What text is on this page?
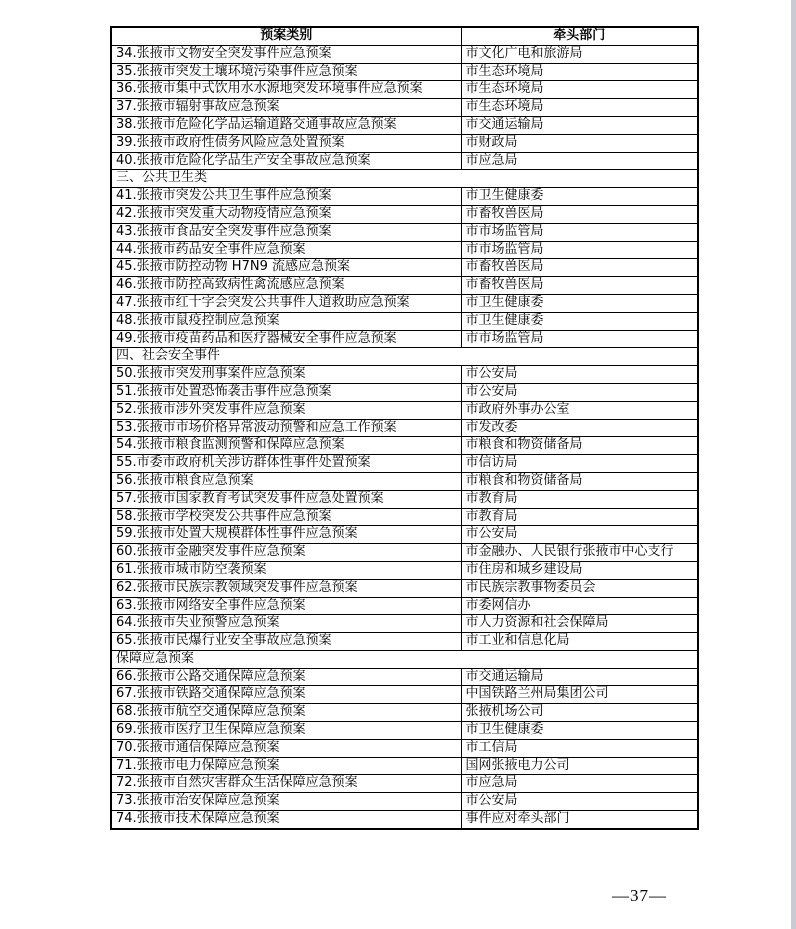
预案类别	牵头部门
34.张掖市文物安全突发事件应急预案	市文化广电和旅游局
35.张掖市突发土壤环境污染事件应急预案	市生态环境局
36.张掖市集中式饮用水水源地突发环境事件应急预案	市生态环境局
37.张掖市辐射事故应急预案	市生态环境局
38.张掖市危险化学品运输道路交通事故应急预案	市交通运输局
39.张掖市政府性债务风险应急处置预案	市财政局
40.张掖市危险化学品生产安全事故应急预案	市应急局
三、公共卫生类	
41.张掖市突发公共卫生事件应急预案	市卫生健康委
42.张掖市突发重大动物疫情应急预案	市畜牧兽医局
43.张掖市食品安全突发事件应急预案	市市场监管局
44.张掖市药品安全事件应急预案	市市场监管局
45.张掖市防控动物 H7N9 流感应急预案	市畜牧兽医局
46.张掖市防控高致病性禽流感应急预案	市畜牧兽医局
47.张掖市红十字会突发公共事件人道救助应急预案	市卫生健康委
48.张掖市鼠疫控制应急预案	市卫生健康委
49.张掖市疫苗药品和医疗器械安全事件应急预案	市市场监管局
四、社会安全事件	
50.张掖市突发刑事案件应急预案	市公安局
51.张掖市处置恐怖袭击事件应急预案	市公安局
52.张掖市涉外突发事件应急预案	市政府外事办公室
53.张掖市市场价格异常波动预警和应急工作预案	市发改委
54.张掖市粮食监测预警和保障应急预案	市粮食和物资储备局
55.市委市政府机关涉访群体性事件处置预案	市信访局
56.张掖市粮食应急预案	市粮食和物资储备局
57.张掖市国家教育考试突发事件应急处置预案	市教育局
58.张掖市学校突发公共事件应急预案	市教育局
59.张掖市处置大规模群体性事件应急预案	市公安局
60.张掖市金融突发事件应急预案	市金融办、人民银行张掖市中心支行
61.张掖市城市防空袭预案	市住房和城乡建设局
62.张掖市民族宗教领域突发事件应急预案	市民族宗教事物委员会
63.张掖市网络安全事件应急预案	市委网信办
64.张掖市失业预警应急预案	市人力资源和社会保障局
65.张掖市民爆行业安全事故应急预案	市工业和信息化局
保障应急预案	
66.张掖市公路交通保障应急预案	市交通运输局
67.张掖市铁路交通保障应急预案	中国铁路兰州局集团公司
68.张掖市航空交通保障应急预案	张掖机场公司
69.张掖市医疗卫生保障应急预案	市卫生健康委
70.张掖市通信保障应急预案	市工信局
71.张掖市电力保障应急预案	国网张掖电力公司
72.张掖市自然灾害群众生活保障应急预案	市应急局
73.张掖市治安保障应急预案	市公安局
74.张掖市技术保障应急预案	事件应对牵头部门
—37—
